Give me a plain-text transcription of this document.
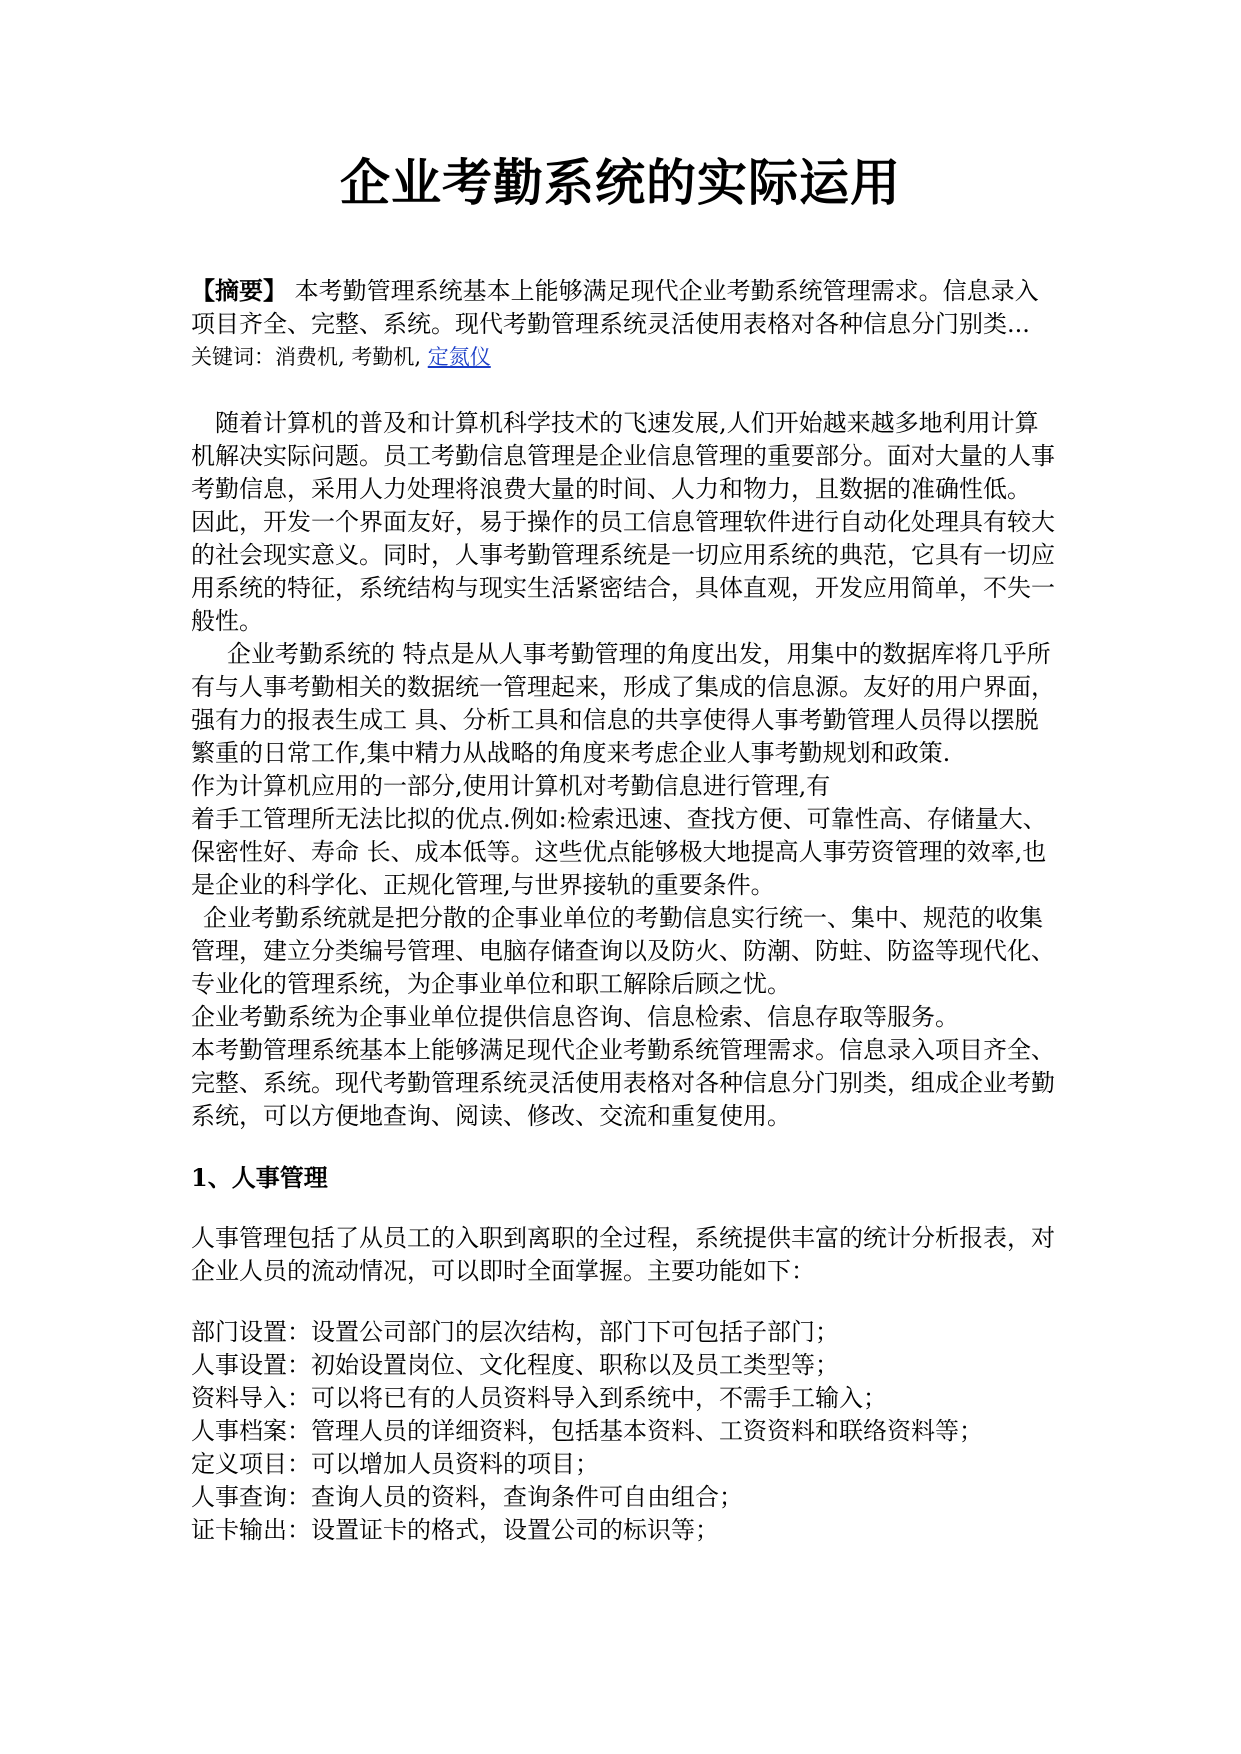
企业考勤系统的实际运用

【摘要】 本考勤管理系统基本上能够满足现代企业考勤系统管理需求。信息录入项目齐全、完整、系统。现代考勤管理系统灵活使用表格对各种信息分门别类...

关键词：消费机, 考勤机, 定氮仪

随着计算机的普及和计算机科学技术的飞速发展,人们开始越来越多地利用计算机解决实际问题。员工考勤信息管理是企业信息管理的重要部分。面对大量的人事考勤信息，采用人力处理将浪费大量的时间、人力和物力，且数据的准确性低。

因此，开发一个界面友好，易于操作的员工信息管理软件进行自动化处理具有较大的社会现实意义。同时，人事考勤管理系统是一切应用系统的典范，它具有一切应用系统的特征，系统结构与现实生活紧密结合，具体直观，开发应用简单，不失一般性。

企业考勤系统的 特点是从人事考勤管理的角度出发，用集中的数据库将几乎所有与人事考勤相关的数据统一管理起来，形成了集成的信息源。友好的用户界面，强有力的报表生成工 具、分析工具和信息的共享使得人事考勤管理人员得以摆脱繁重的日常工作,集中精力从战略的角度来考虑企业人事考勤规划和政策.

作为计算机应用的一部分,使用计算机对考勤信息进行管理,有

着手工管理所无法比拟的优点.例如:检索迅速、查找方便、可靠性高、存储量大、保密性好、寿命 长、成本低等。这些优点能够极大地提高人事劳资管理的效率,也是企业的科学化、正规化管理,与世界接轨的重要条件。

企业考勤系统就是把分散的企事业单位的考勤信息实行统一、集中、规范的收集管理，建立分类编号管理、电脑存储查询以及防火、防潮、防蛀、防盗等现代化、专业化的管理系统，为企事业单位和职工解除后顾之忧。

企业考勤系统为企事业单位提供信息咨询、信息检索、信息存取等服务。

本考勤管理系统基本上能够满足现代企业考勤系统管理需求。信息录入项目齐全、完整、系统。现代考勤管理系统灵活使用表格对各种信息分门别类，组成企业考勤系统，可以方便地查询、阅读、修改、交流和重复使用。

1、人事管理

人事管理包括了从员工的入职到离职的全过程，系统提供丰富的统计分析报表，对企业人员的流动情况，可以即时全面掌握。主要功能如下：

部门设置：设置公司部门的层次结构，部门下可包括子部门；

人事设置：初始设置岗位、文化程度、职称以及员工类型等；

资料导入：可以将已有的人员资料导入到系统中，不需手工输入；

人事档案：管理人员的详细资料，包括基本资料、工资资料和联络资料等；

定义项目：可以增加人员资料的项目；

人事查询：查询人员的资料，查询条件可自由组合；

证卡输出：设置证卡的格式，设置公司的标识等；
